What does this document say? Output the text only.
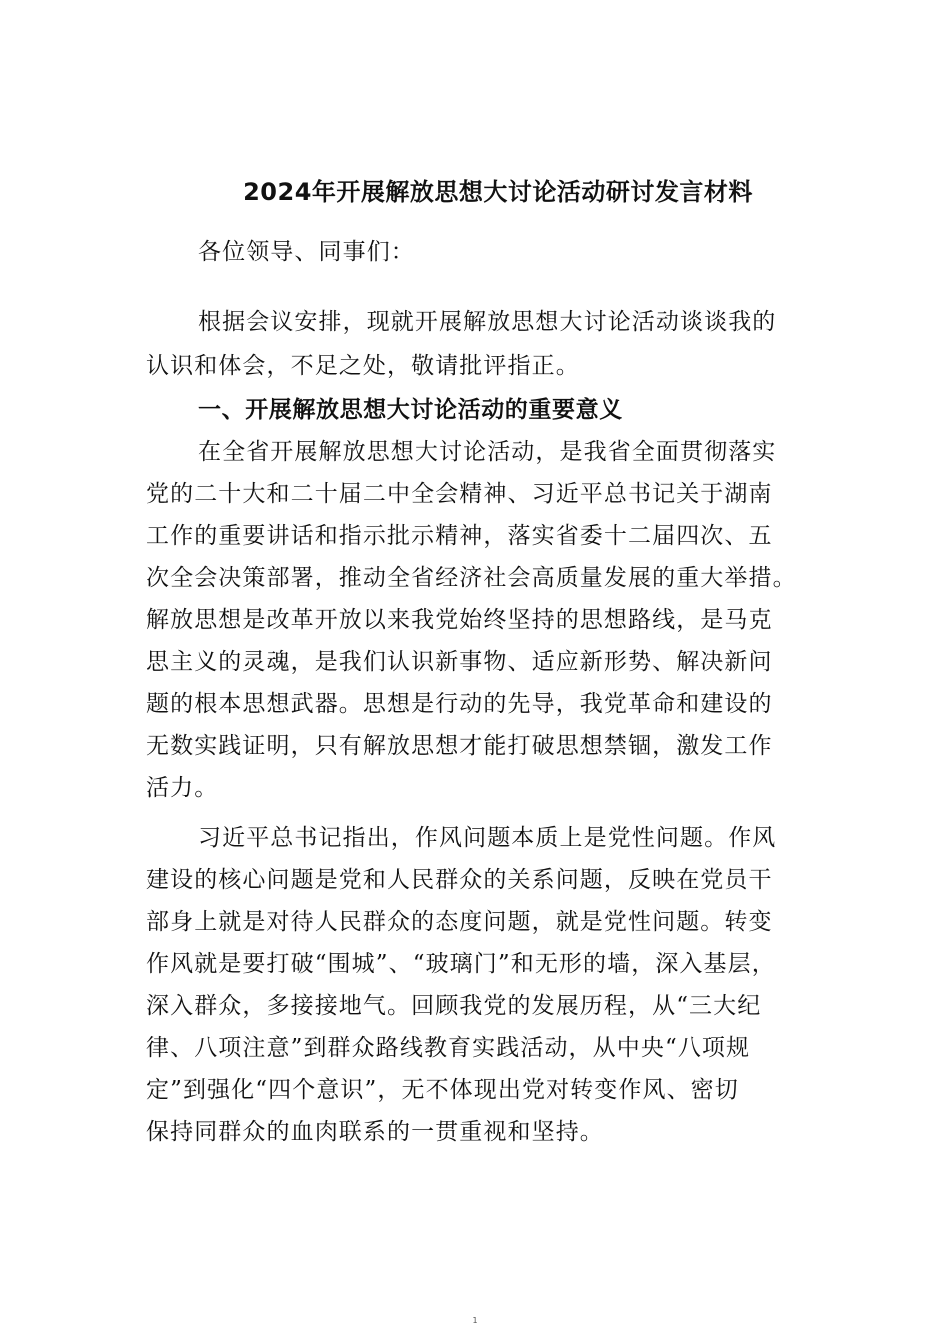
2024年开展解放思想大讨论活动研讨发言材料

各位领导、同事们：

根据会议安排，现就开展解放思想大讨论活动谈谈我的

认识和体会，不足之处，敬请批评指正。

一、开展解放思想大讨论活动的重要意义

在全省开展解放思想大讨论活动，是我省全面贯彻落实

党的二十大和二十届二中全会精神、习近平总书记关于湖南

工作的重要讲话和指示批示精神，落实省委十二届四次、五

次全会决策部署，推动全省经济社会高质量发展的重大举措。

解放思想是改革开放以来我党始终坚持的思想路线，是马克

思主义的灵魂，是我们认识新事物、适应新形势、解决新问

题的根本思想武器。思想是行动的先导，我党革命和建设的

无数实践证明，只有解放思想才能打破思想禁锢，激发工作

活力。

习近平总书记指出，作风问题本质上是党性问题。作风

建设的核心问题是党和人民群众的关系问题，反映在党员干

部身上就是对待人民群众的态度问题，就是党性问题。转变

作风就是要打破“围城”、“玻璃门”和无形的墙，深入基层，

深入群众，多接接地气。回顾我党的发展历程，从“三大纪

律、八项注意”到群众路线教育实践活动，从中央“八项规

定”到强化“四个意识”，无不体现出党对转变作风、密切

保持同群众的血肉联系的一贯重视和坚持。

1
